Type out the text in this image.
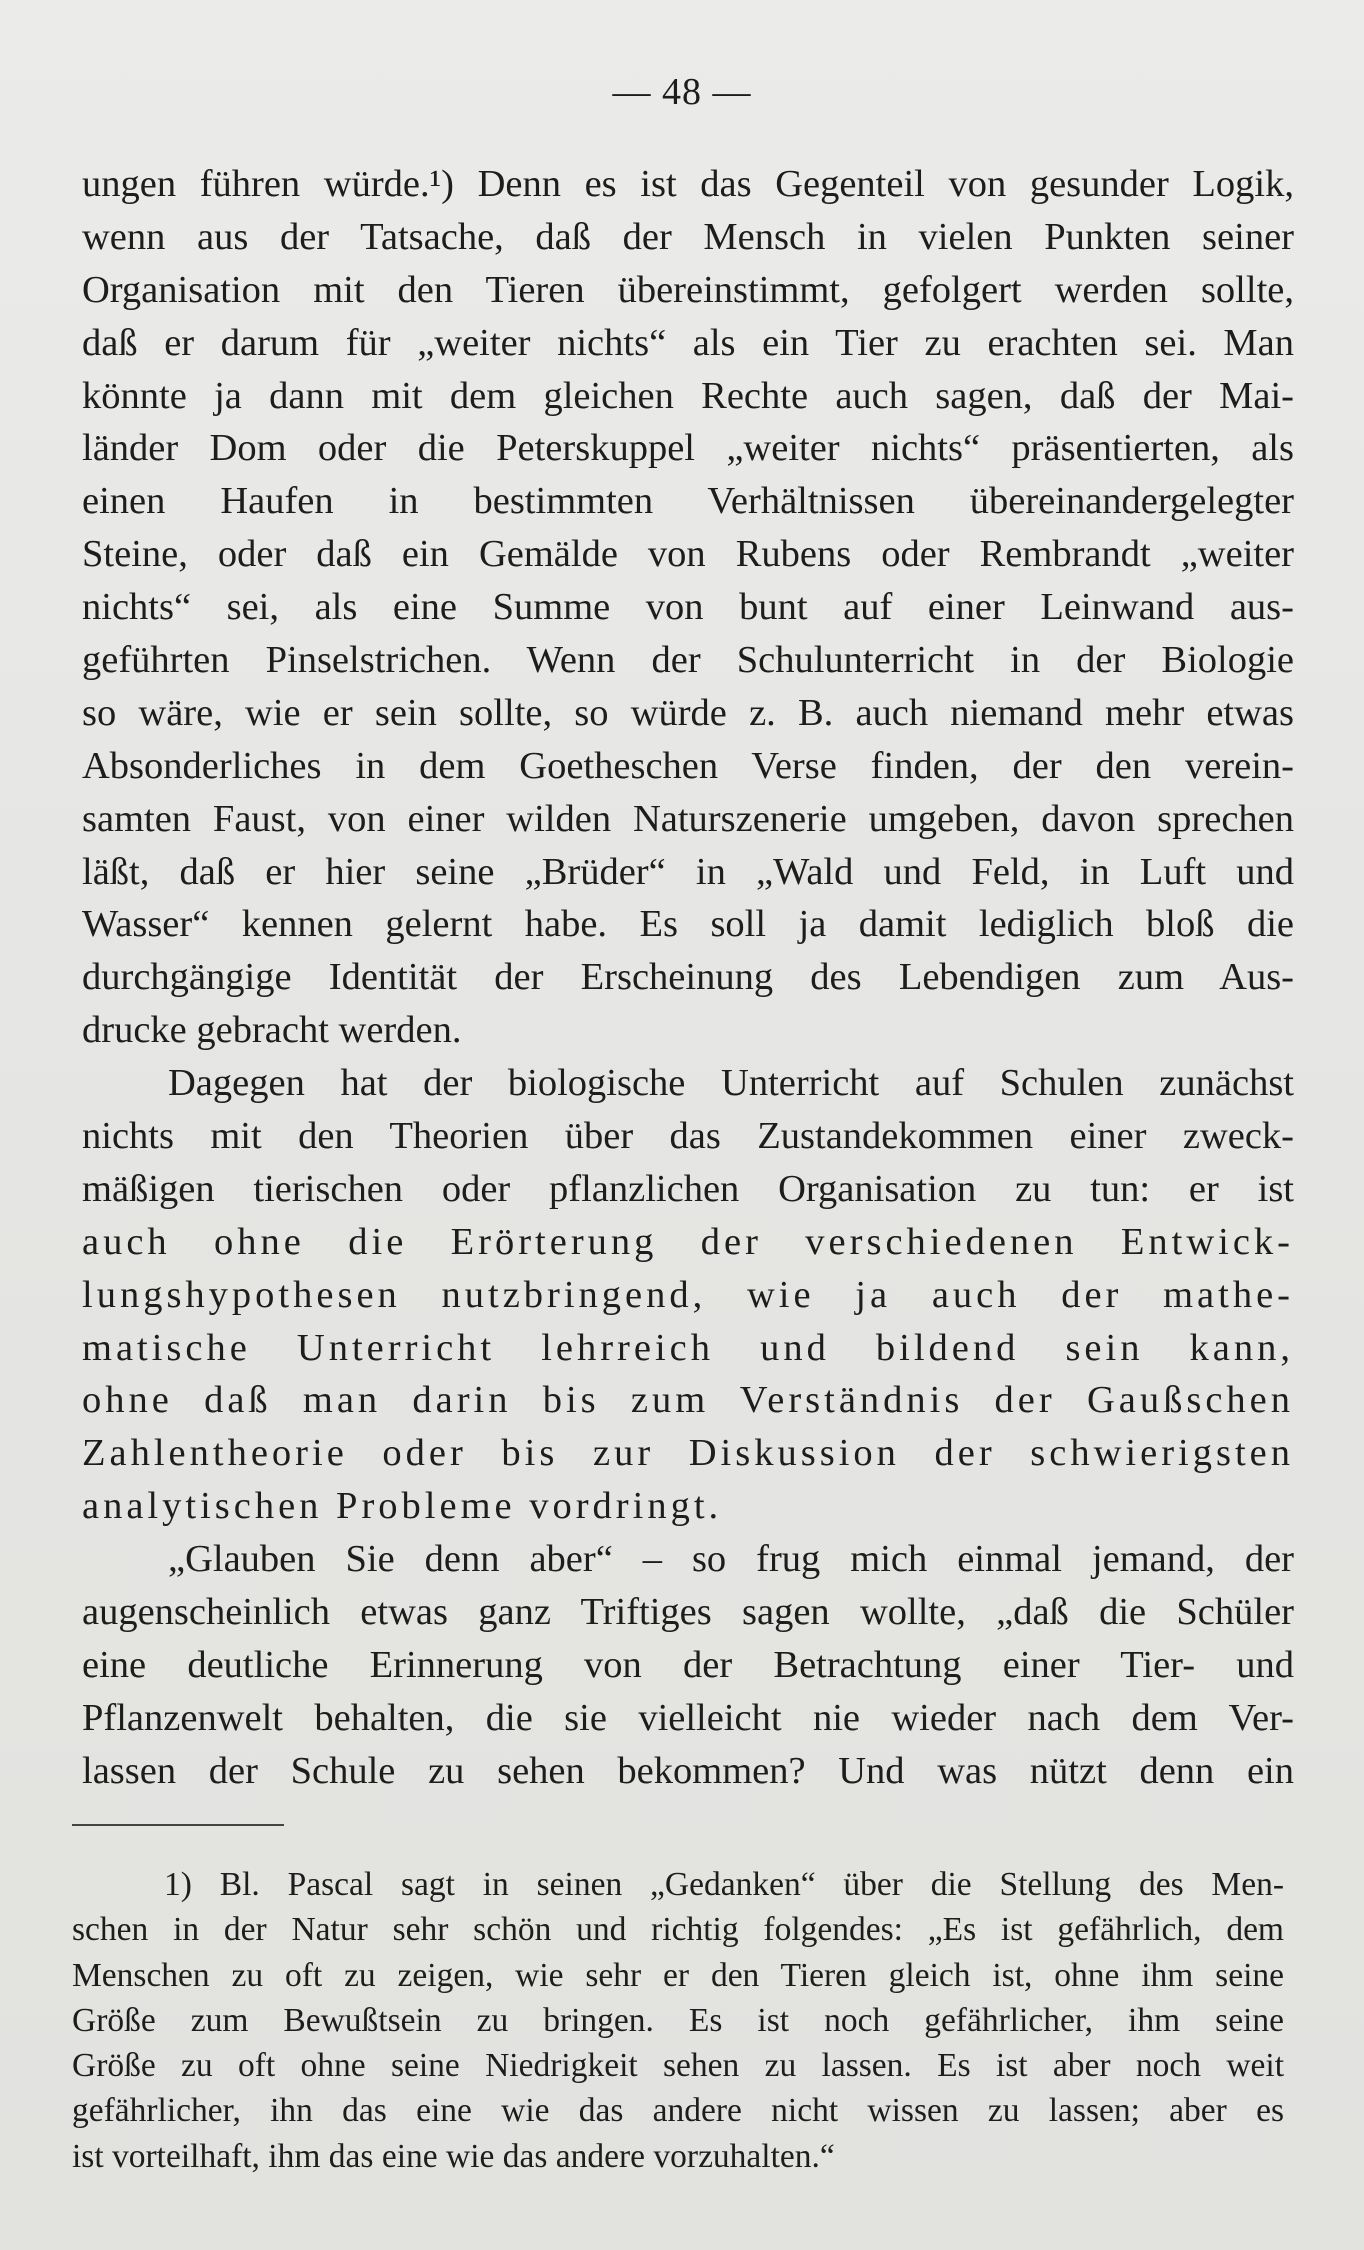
— 48 —
ungen führen würde.¹) Denn es ist das Gegenteil von gesunder Logik,
wenn aus der Tatsache, daß der Mensch in vielen Punkten seiner
Organisation mit den Tieren übereinstimmt, gefolgert werden sollte,
daß er darum für „weiter nichts“ als ein Tier zu erachten sei. Man
könnte ja dann mit dem gleichen Rechte auch sagen, daß der Mai-
länder Dom oder die Peterskuppel „weiter nichts“ präsentierten, als
einen Haufen in bestimmten Verhältnissen übereinandergelegter
Steine, oder daß ein Gemälde von Rubens oder Rembrandt „weiter
nichts“ sei, als eine Summe von bunt auf einer Leinwand aus-
geführten Pinselstrichen. Wenn der Schulunterricht in der Biologie
so wäre, wie er sein sollte, so würde z. B. auch niemand mehr etwas
Absonderliches in dem Goetheschen Verse finden, der den verein-
samten Faust, von einer wilden Naturszenerie umgeben, davon sprechen
läßt, daß er hier seine „Brüder“ in „Wald und Feld, in Luft und
Wasser“ kennen gelernt habe. Es soll ja damit lediglich bloß die
durchgängige Identität der Erscheinung des Lebendigen zum Aus-
drucke gebracht werden.
Dagegen hat der biologische Unterricht auf Schulen zunächst
nichts mit den Theorien über das Zustandekommen einer zweck-
mäßigen tierischen oder pflanzlichen Organisation zu tun: er ist
auch ohne die Erörterung der verschiedenen Entwick-
lungshypothesen nutzbringend, wie ja auch der mathe-
matische Unterricht lehrreich und bildend sein kann,
ohne daß man darin bis zum Verständnis der Gaußschen
Zahlentheorie oder bis zur Diskussion der schwierigsten
analytischen Probleme vordringt.
„Glauben Sie denn aber“ – so frug mich einmal jemand, der
augenscheinlich etwas ganz Triftiges sagen wollte, „daß die Schüler
eine deutliche Erinnerung von der Betrachtung einer Tier- und
Pflanzenwelt behalten, die sie vielleicht nie wieder nach dem Ver-
lassen der Schule zu sehen bekommen? Und was nützt denn ein
1) Bl. Pascal sagt in seinen „Gedanken“ über die Stellung des Men-
schen in der Natur sehr schön und richtig folgendes: „Es ist gefährlich, dem
Menschen zu oft zu zeigen, wie sehr er den Tieren gleich ist, ohne ihm seine
Größe zum Bewußtsein zu bringen. Es ist noch gefährlicher, ihm seine
Größe zu oft ohne seine Niedrigkeit sehen zu lassen. Es ist aber noch weit
gefährlicher, ihn das eine wie das andere nicht wissen zu lassen; aber es
ist vorteilhaft, ihm das eine wie das andere vorzuhalten.“
